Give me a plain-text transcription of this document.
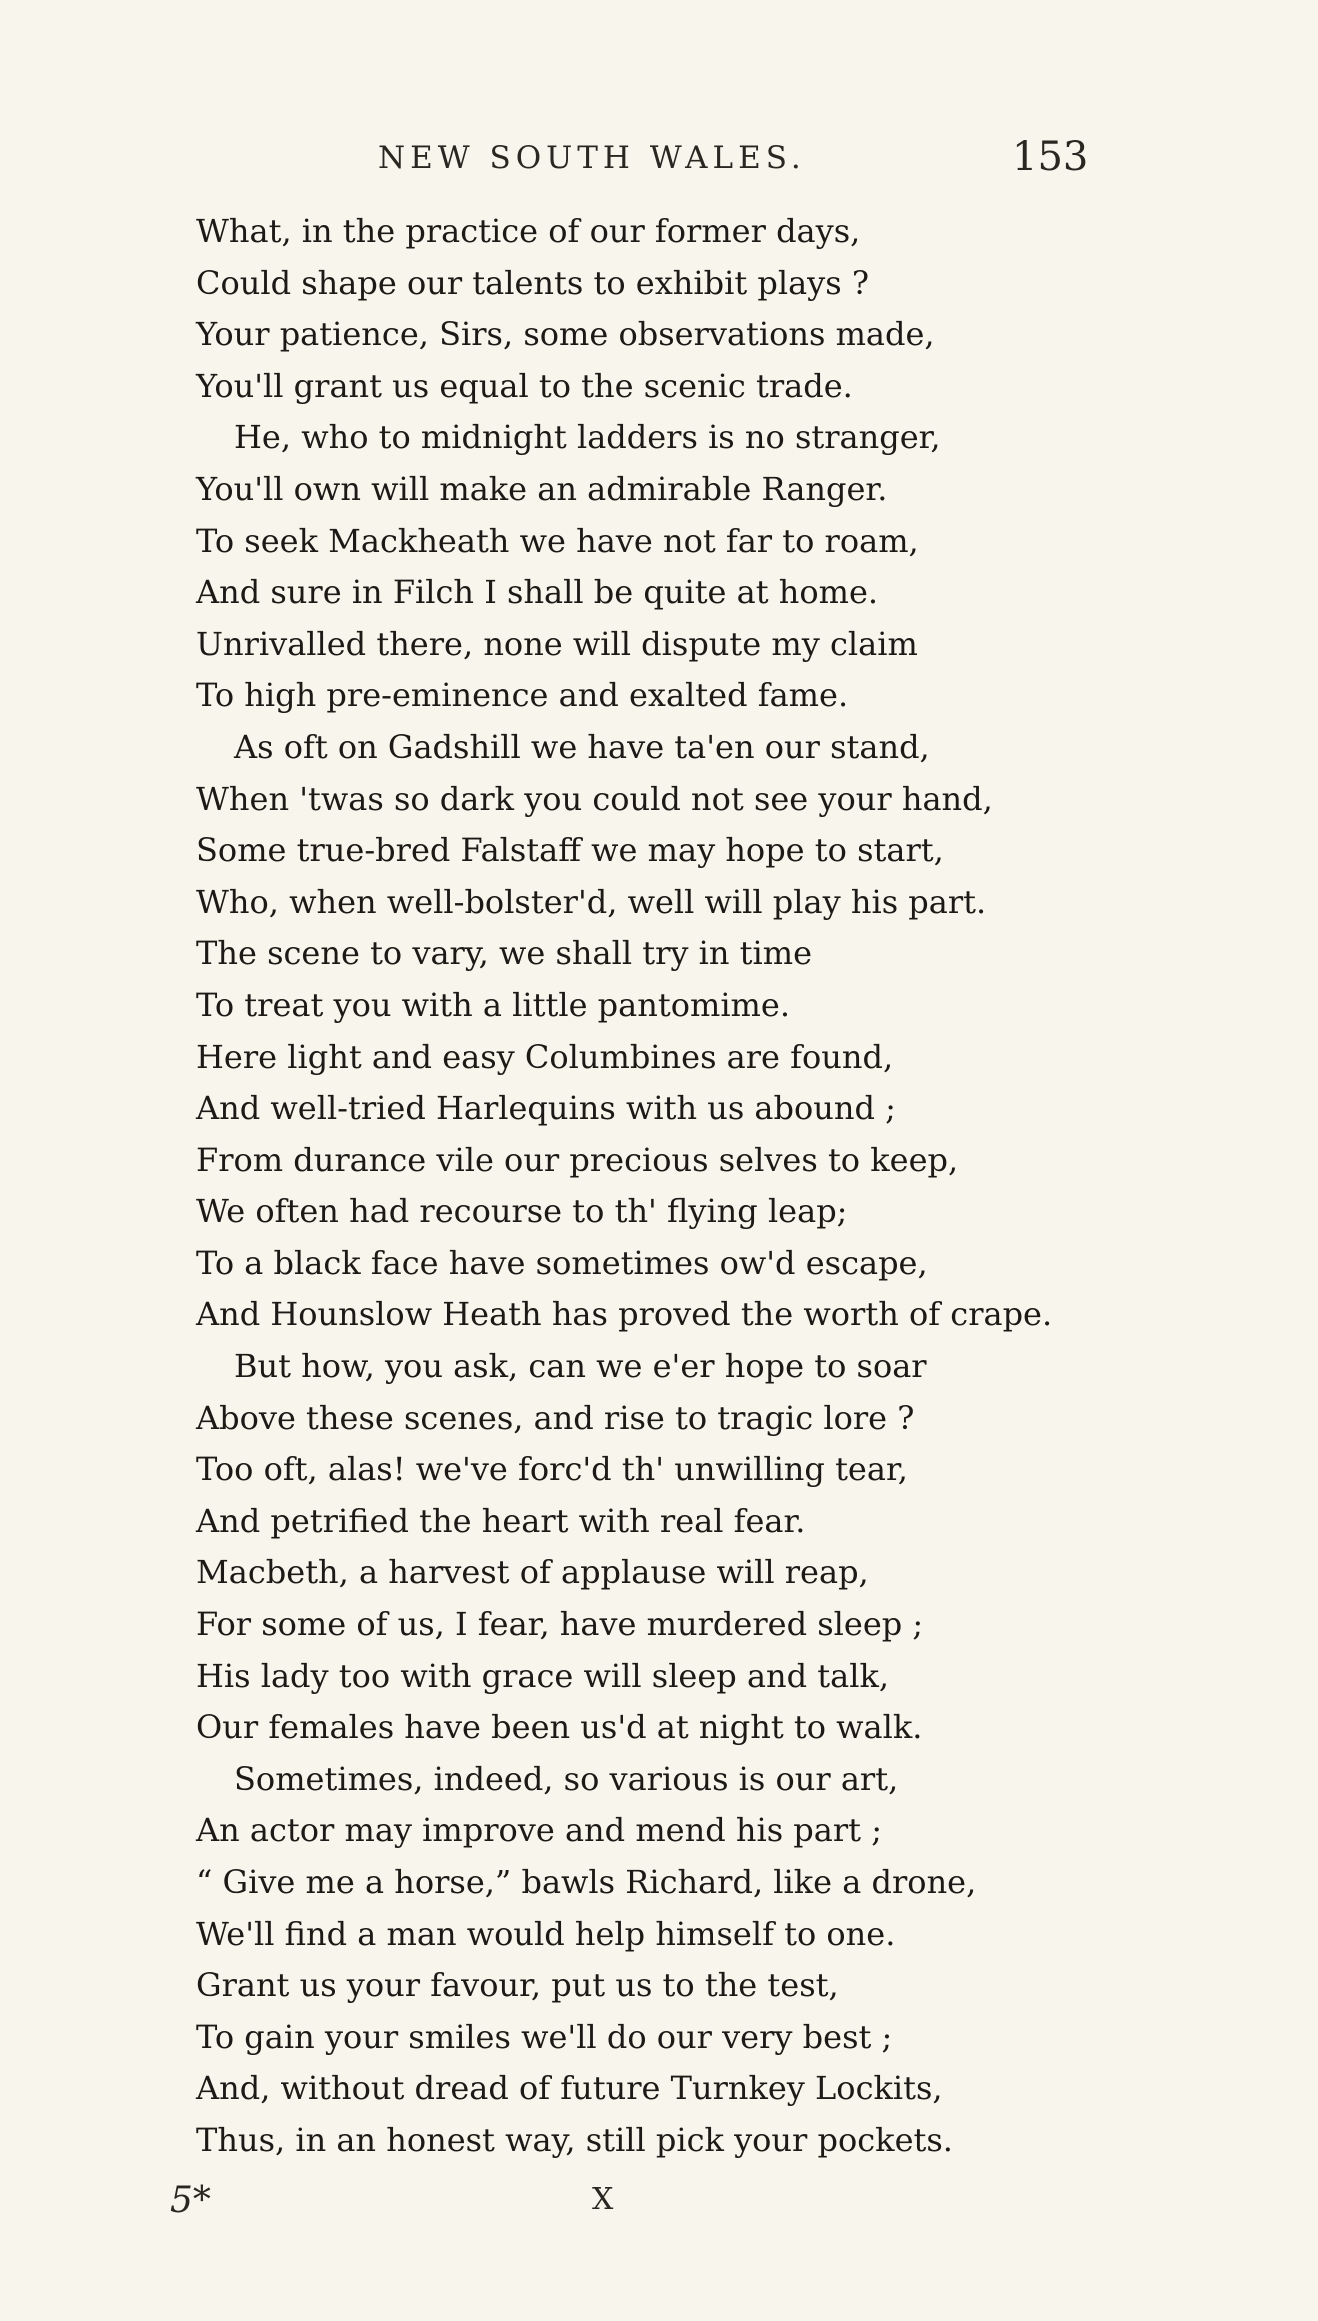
NEW SOUTH WALES.	153
What, in the practice of our former days,
Could shape our talents to exhibit plays ?
Your patience, Sirs, some observations made,
You'll grant us equal to the scenic trade.
He, who to midnight ladders is no stranger,
You'll own will make an admirable Ranger.
To seek Mackheath we have not far to roam,
And sure in Filch I shall be quite at home.
Unrivalled there, none will dispute my claim
To high pre-eminence and exalted fame.
As oft on Gadshill we have ta'en our stand,
When 'twas so dark you could not see your hand,
Some true-bred Falstaff we may hope to start,
Who, when well-bolster'd, well will play his part.
The scene to vary, we shall try in time
To treat you with a little pantomime.
Here light and easy Columbines are found,
And well-tried Harlequins with us abound ;
From durance vile our precious selves to keep,
We often had recourse to th' flying leap;
To a black face have sometimes ow'd escape,
And Hounslow Heath has proved the worth of crape.
But how, you ask, can we e'er hope to soar
Above these scenes, and rise to tragic lore ?
Too oft, alas! we've forc'd th' unwilling tear,
And petrified the heart with real fear.
Macbeth, a harvest of applause will reap,
For some of us, I fear, have murdered sleep ;
His lady too with grace will sleep and talk,
Our females have been us'd at night to walk.
Sometimes, indeed, so various is our art,
An actor may improve and mend his part ;
“ Give me a horse,” bawls Richard, like a drone,
We'll find a man would help himself to one.
Grant us your favour, put us to the test,
To gain your smiles we'll do our very best ;
And, without dread of future Turnkey Lockits,
Thus, in an honest way, still pick your pockets.
5*	X
